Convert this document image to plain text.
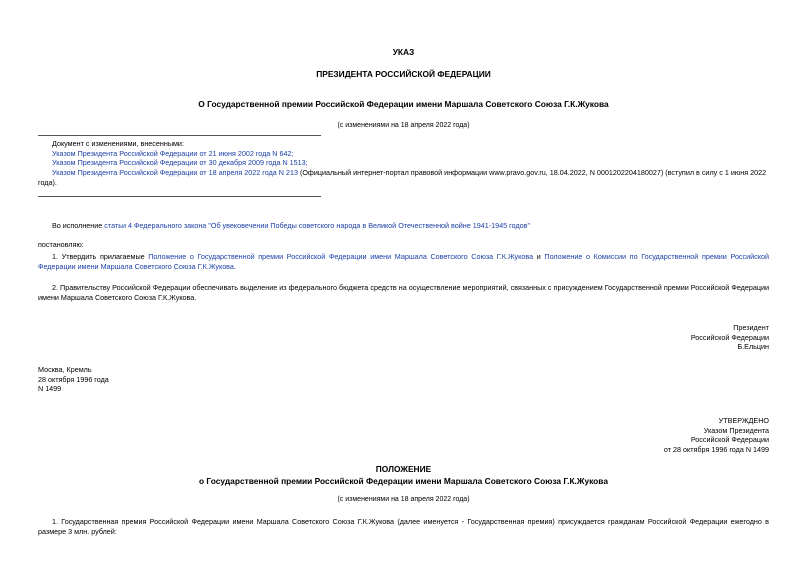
УКАЗ
ПРЕЗИДЕНТА РОССИЙСКОЙ ФЕДЕРАЦИИ
О Государственной премии Российской Федерации имени Маршала Советского Союза Г.К.Жукова
(с изменениями на 18 апреля 2022 года)

Документ с изменениями, внесенными:

Указом Президента Российской Федерации от 21 июня 2002 года N 642;

Указом Президента Российской Федерации от 30 декабря 2009 года N 1513;

Указом Президента Российской Федерации от 18 апреля 2022 года N 213 (Официальный интернет-портал правовой информации www.pravo.gov.ru, 18.04.2022, N 0001202204180027) (вступил в силу с 1 июня 2022 года).

Во исполнение статьи 4 Федерального закона "Об увековечении Победы советского народа в Великой Отечественной войне 1941-1945 годов"
постановляю:
1. Утвердить прилагаемые Положение о Государственной премии Российской Федерации имени Маршала Советского Союза Г.К.Жукова и Положение о Комиссии по Государственной премии Российской Федерации имени Маршала Советского Союза Г.К.Жукова.
2. Правительству Российской Федерации обеспечивать выделение из федерального бюджета средств на осуществление мероприятий, связанных с присуждением Государственной премии Российской Федерации имени Маршала Советского Союза Г.К.Жукова.

Президент

Российской Федерации

Б.Ельцин

Москва, Кремль

28 октября 1996 года

N 1499

УТВЕРЖДЕНО

Указом Президента

Российской Федерации

от 28 октября 1996 года N 1499

ПОЛОЖЕНИЕ
о Государственной премии Российской Федерации имени Маршала Советского Союза Г.К.Жукова
(с изменениями на 18 апреля 2022 года)
1. Государственная премия Российской Федерации имени Маршала Советского Союза Г.К.Жукова (далее именуется - Государственная премия) присуждается гражданам Российской Федерации ежегодно в размере 3 млн. рублей:
